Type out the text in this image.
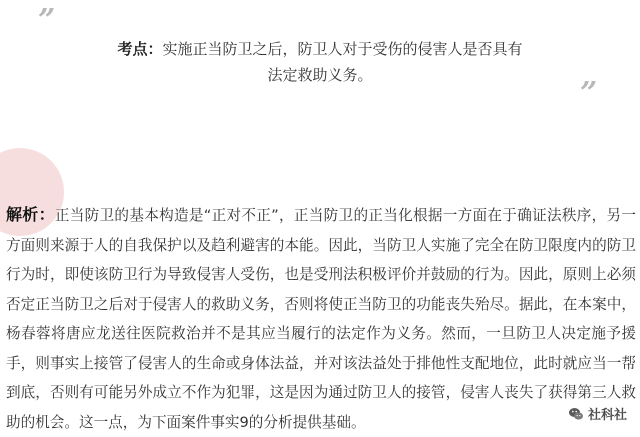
”
”
考点：实施正当防卫之后，防卫人对于受伤的侵害人是否具有
法定救助义务。
解析：正当防卫的基本构造是“正对不正”，正当防卫的正当化根据一方面在于确证法秩序，另一方面则来源于人的自我保护以及趋利避害的本能。因此，当防卫人实施了完全在防卫限度内的防卫行为时，即使该防卫行为导致侵害人受伤，也是受刑法积极评价并鼓励的行为。因此，原则上必须否定正当防卫之后对于侵害人的救助义务，否则将使正当防卫的功能丧失殆尽。据此，在本案中，杨春蓉将唐应龙送往医院救治并不是其应当履行的法定作为义务。然而，一旦防卫人决定施予援手，则事实上接管了侵害人的生命或身体法益，并对该法益处于排他性支配地位，此时就应当一帮到底，否则有可能另外成立不作为犯罪，这是因为通过防卫人的接管，侵害人丧失了获得第三人救助的机会。这一点，为下面案件事实9的分析提供基础。	社科社
